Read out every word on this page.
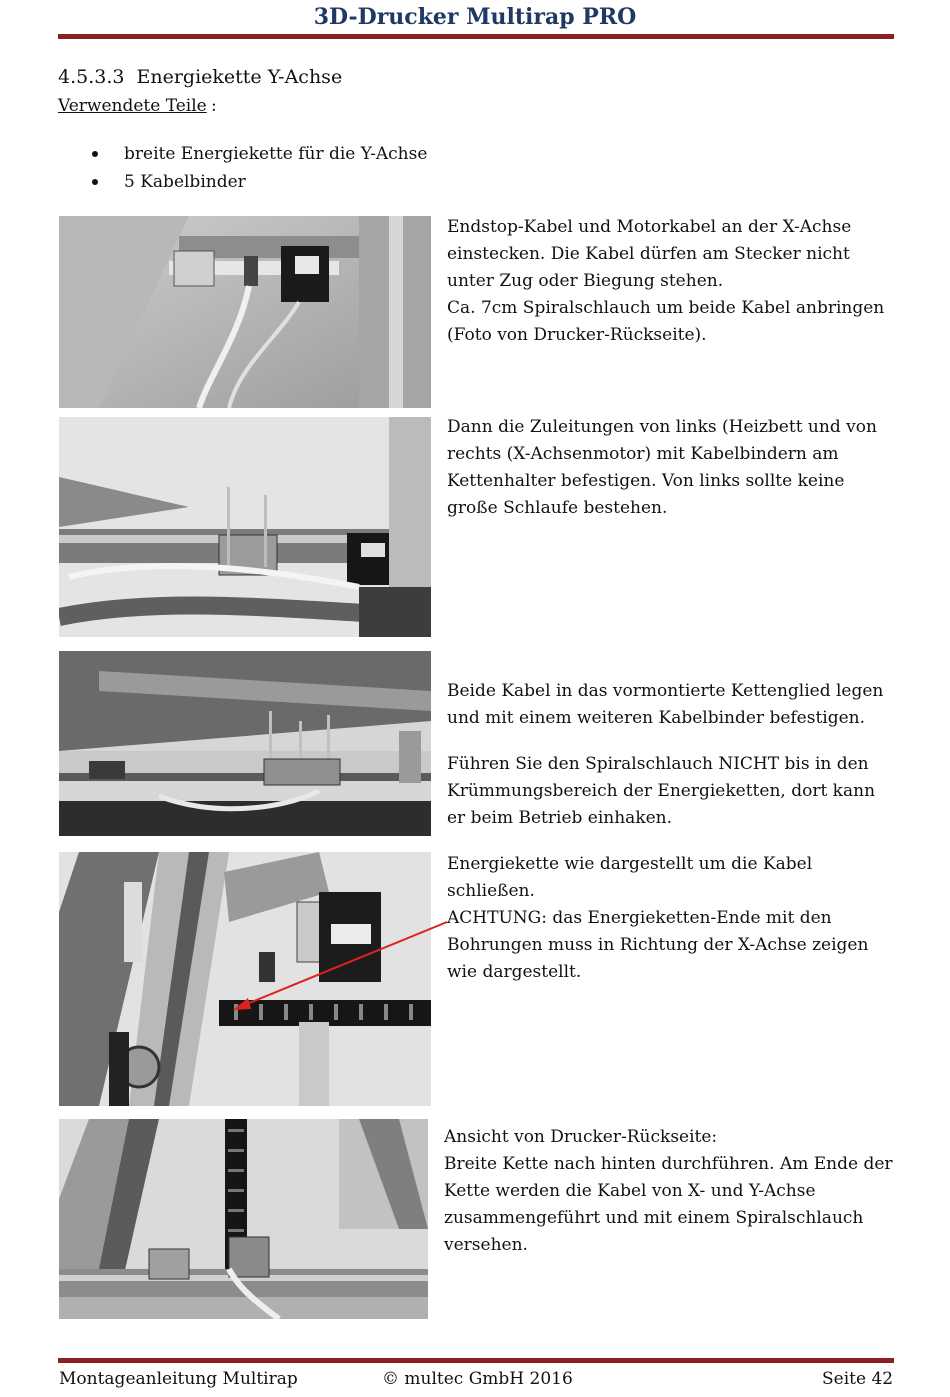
3D-Drucker Multirap PRO
4.5.3.3 Energiekette Y-Achse
Verwendete Teile :
breite Energiekette für die Y-Achse
5 Kabelbinder

Endstop-Kabel und Motorkabel an der X-Achse

einstecken. Die Kabel dürfen am Stecker nicht

unter Zug oder Biegung stehen.

Ca. 7cm Spiralschlauch um beide Kabel anbringen

(Foto von Drucker-Rückseite).

Dann die Zuleitungen von links (Heizbett und von

rechts (X-Achsenmotor) mit Kabelbindern am

Kettenhalter befestigen. Von links sollte keine

große Schlaufe bestehen.

Beide Kabel in das vormontierte Kettenglied legen

und mit einem weiteren Kabelbinder befestigen.

Führen Sie den Spiralschlauch NICHT bis in den

Krümmungsbereich der Energieketten, dort kann

er beim Betrieb einhaken.

Energiekette wie dargestellt um die Kabel

schließen.

ACHTUNG: das Energieketten-Ende mit den

Bohrungen muss in Richtung der X-Achse zeigen

wie dargestellt.

Ansicht von Drucker-Rückseite:

Breite Kette nach hinten durchführen. Am Ende der

Kette werden die Kabel von X- und Y-Achse

zusammengeführt und mit einem Spiralschlauch

versehen.

Montageanleitung Multirap	© multec GmbH 2016	Seite 42
